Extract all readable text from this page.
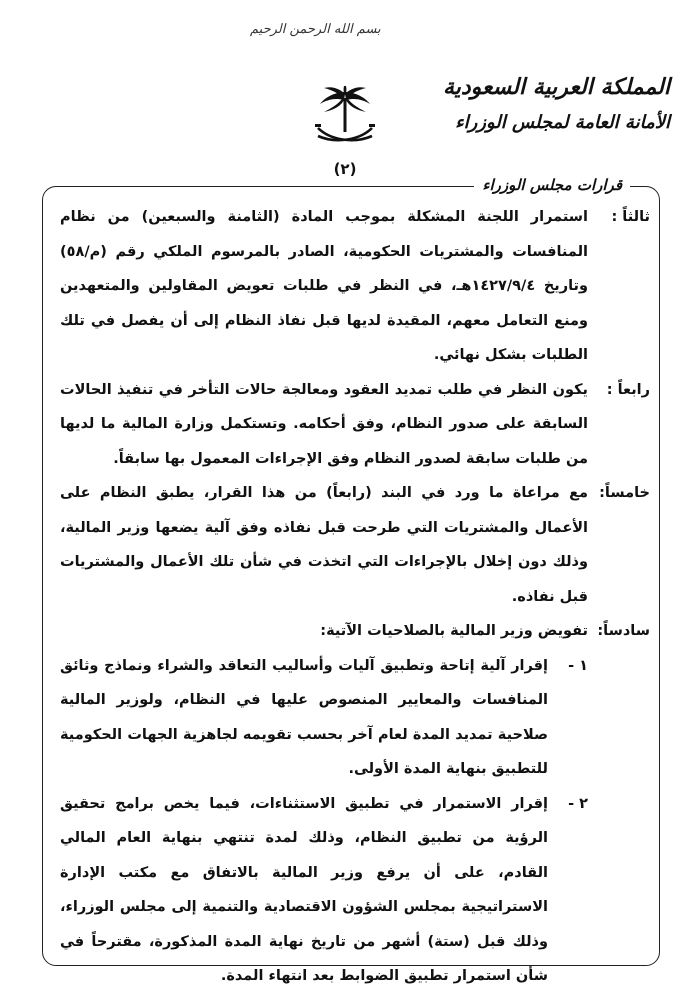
بسم الله الرحمن الرحيم
المملكة العربية السعودية
الأمانة العامة لمجلس الوزراء
(٢)
قرارات مجلس الوزراء
ثالثاً :
استمرار اللجنة المشكلة بموجب المادة (الثامنة والسبعين) من نظام المنافسات والمشتريات الحكومية، الصادر بالمرسوم الملكي رقم (م/٥٨) وتاريخ ١٤٢٧/٩/٤هـ، في النظر في طلبات تعويض المقاولين والمتعهدين ومنع التعامل معهم، المقيدة لديها قبل نفاذ النظام إلى أن يفصل في تلك الطلبات بشكل نهائي.
رابعاً :
يكون النظر في طلب تمديد العقود ومعالجة حالات التأخر في تنفيذ الحالات السابقة على صدور النظام، وفق أحكامه. وتستكمل وزارة المالية ما لديها من طلبات سابقة لصدور النظام وفق الإجراءات المعمول بها سابقاً.
خامساً:
مع مراعاة ما ورد في البند (رابعاً) من هذا القرار، يطبق النظام على الأعمال والمشتريات التي طرحت قبل نفاذه وفق آلية يضعها وزير المالية، وذلك دون إخلال بالإجراءات التي اتخذت في شأن تلك الأعمال والمشتريات قبل نفاذه.
سادساً:
تفويض وزير المالية بالصلاحيات الآتية:
١ -
إقرار آلية إتاحة وتطبيق آليات وأساليب التعاقد والشراء ونماذج وثائق المنافسات والمعايير المنصوص عليها في النظام، ولوزير المالية صلاحية تمديد المدة لعام آخر بحسب تقويمه لجاهزية الجهات الحكومية للتطبيق بنهاية المدة الأولى.
٢ -
إقرار الاستمرار في تطبيق الاستثناءات، فيما يخص برامج تحقيق الرؤية من تطبيق النظام، وذلك لمدة تنتهي بنهاية العام المالي القادم، على أن يرفع وزير المالية بالاتفاق مع مكتب الإدارة الاستراتيجية بمجلس الشؤون الاقتصادية والتنمية إلى مجلس الوزراء، وذلك قبل (ستة) أشهر من تاريخ نهاية المدة المذكورة، مقترحاً في شأن استمرار تطبيق الضوابط بعد انتهاء المدة.
